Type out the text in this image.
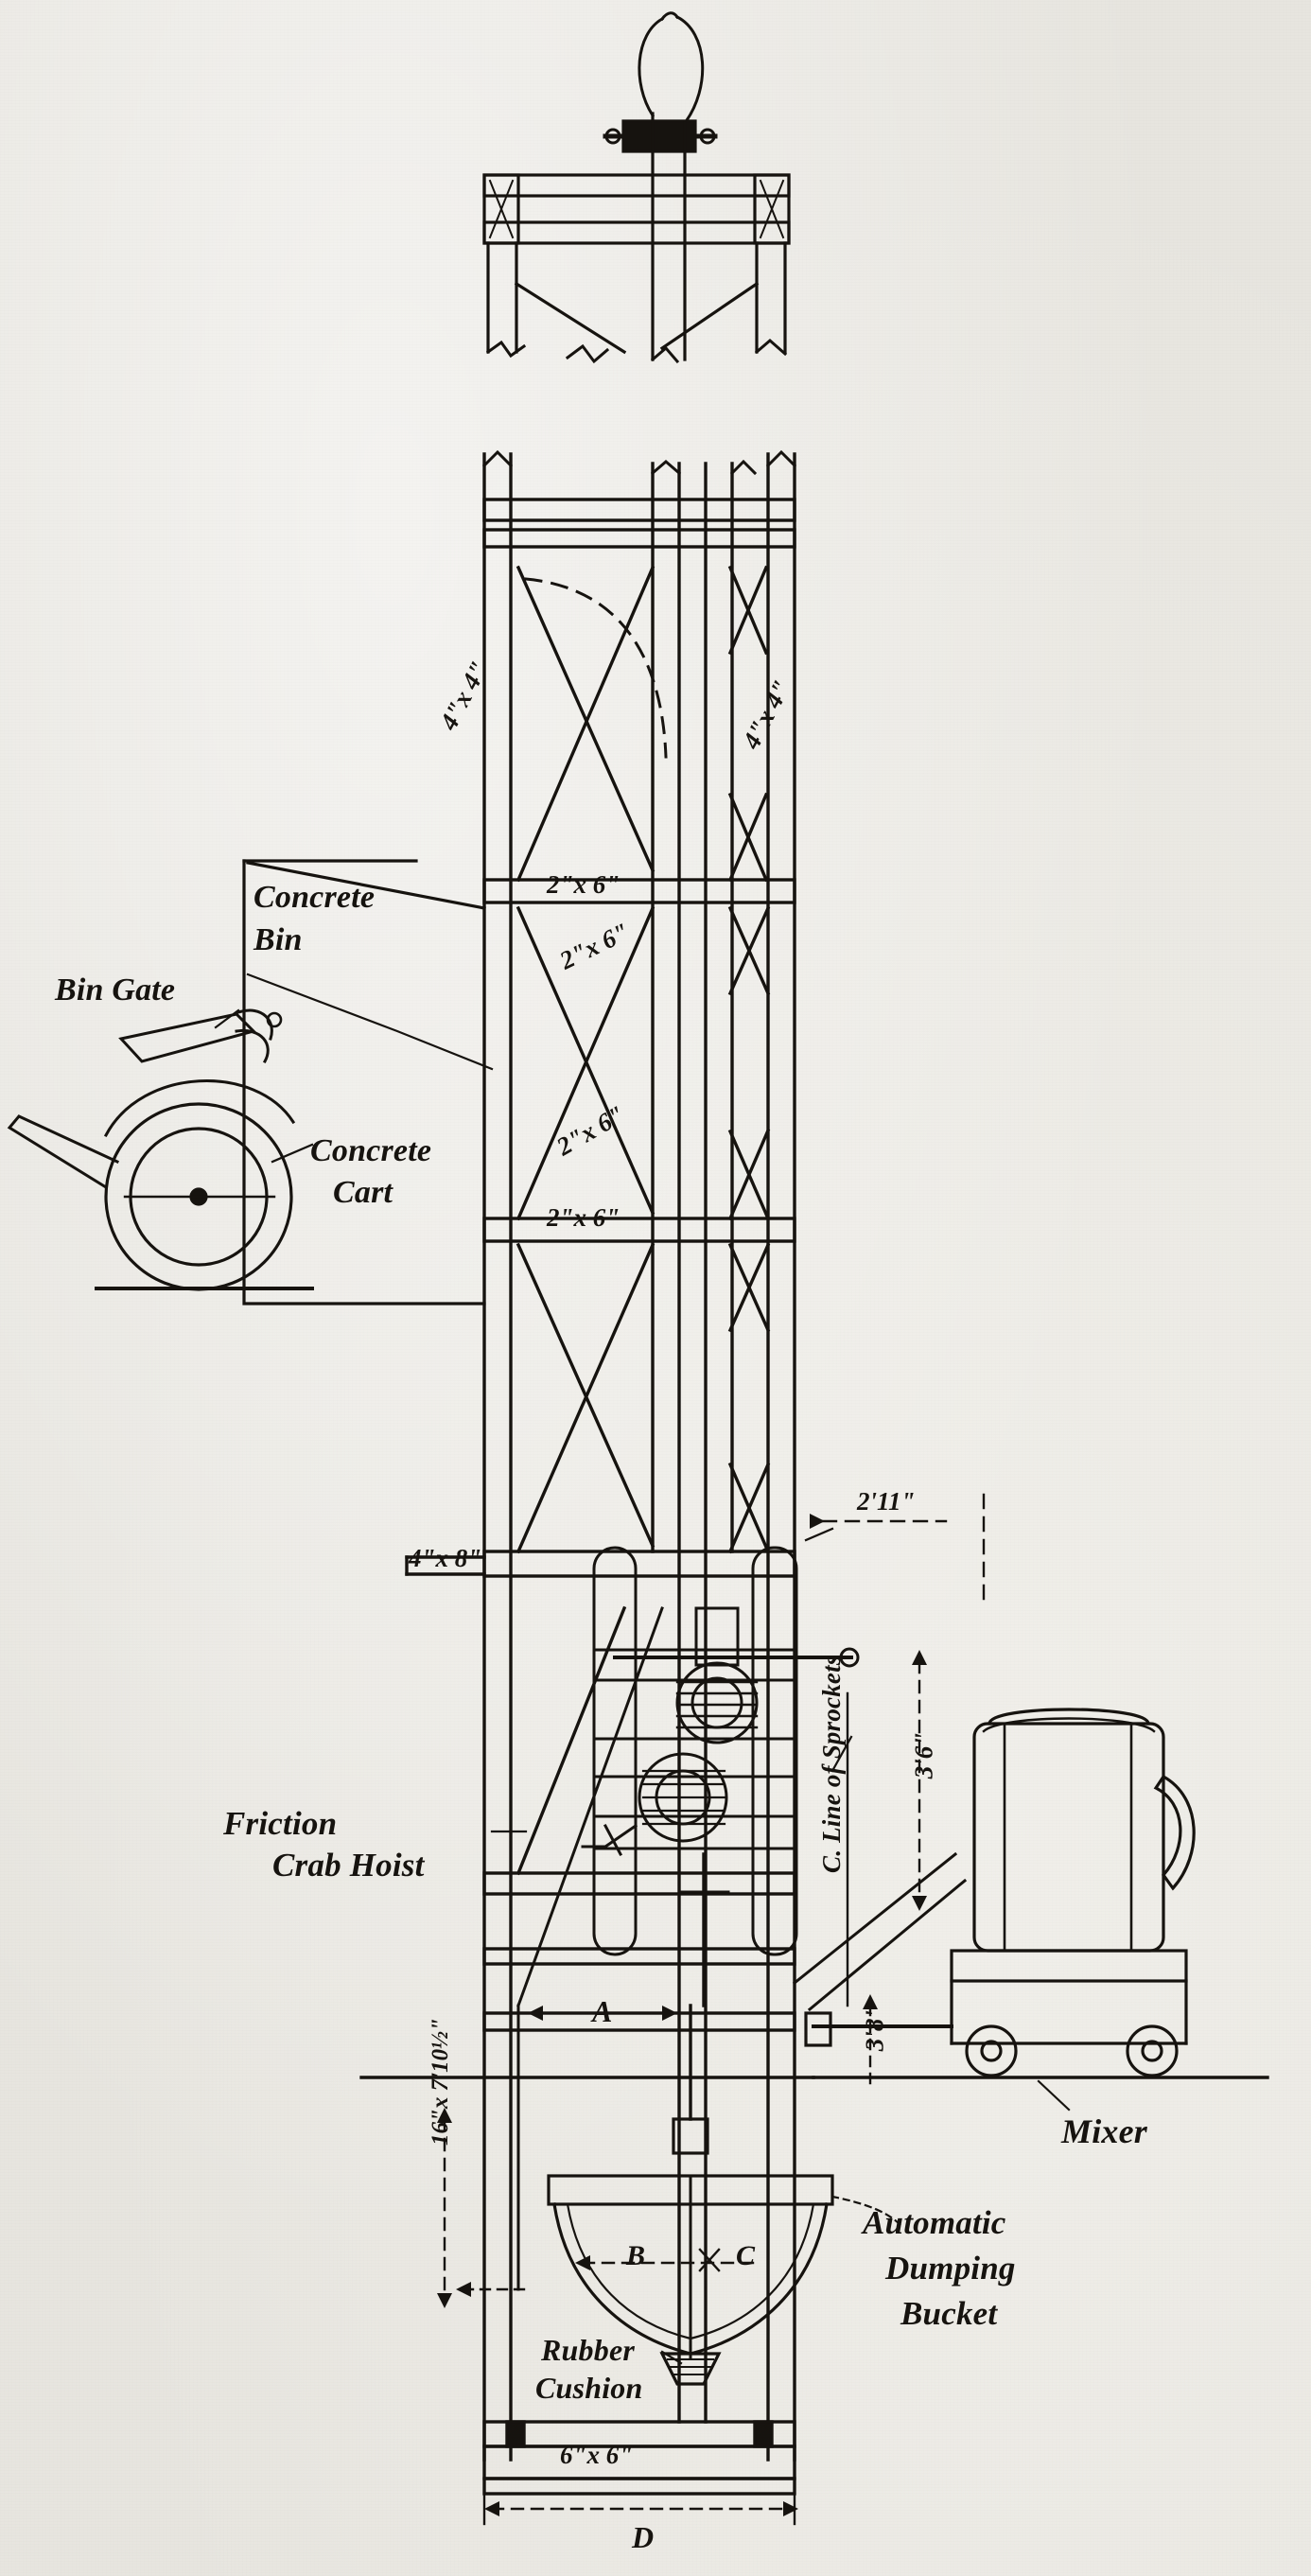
4"x 4"	4"x 4"
2"x 6"
2"x 6"
2"x 6"
2"x 6"
4"x 8"
6"x 6"
2'11"
3'6"
3'8"
16"x 7'10½"
A
D
B	C
Concrete
Bin
Bin Gate
Concrete
Cart
Friction
Crab Hoist	C. Line of Sprockets
Mixer
Automatic
Dumping
Bucket
Rubber
Cushion
